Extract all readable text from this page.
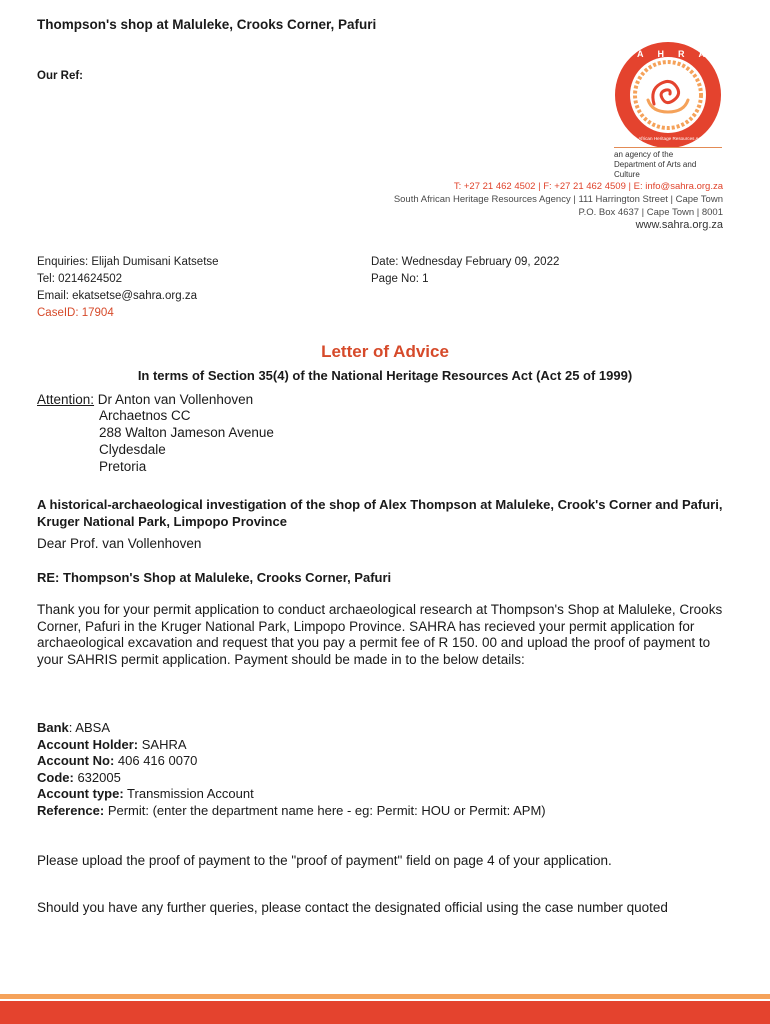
Thompson's shop at Maluleke, Crooks Corner, Pafuri
Our Ref:
SAHRA
South African Heritage Resources Agency
an agency of the
Department of Arts and Culture
T: +27 21 462 4502 | F: +27 21 462 4509 | E: info@sahra.org.za
South African Heritage Resources Agency | 111 Harrington Street | Cape Town
P.O. Box 4637 | Cape Town | 8001
www.sahra.org.za
Enquiries: Elijah Dumisani Katsetse
Tel: 0214624502
Email: ekatsetse@sahra.org.za
CaseID: 17904
Date: Wednesday February 09, 2022
Page No: 1
Letter of Advice
In terms of Section 35(4) of the National Heritage Resources Act (Act 25 of 1999)
Attention: Dr Anton van Vollenhoven
Archaetnos CC
288 Walton Jameson Avenue
Clydesdale
Pretoria
A historical-archaeological investigation of the shop of Alex Thompson at Maluleke, Crook's Corner and Pafuri, Kruger National Park, Limpopo Province
Dear Prof. van Vollenhoven
RE: Thompson's Shop at Maluleke, Crooks Corner, Pafuri
Thank you for your permit application to conduct archaeological research at Thompson's Shop at Maluleke, Crooks Corner, Pafuri in the Kruger National Park, Limpopo Province. SAHRA has recieved your permit application for archaeological excavation and request that you pay a permit fee of R 150. 00 and upload the proof of payment to your SAHRIS permit application. Payment should be made in to the below details:
Bank: ABSA
Account Holder: SAHRA
Account No: 406 416 0070
Code: 632005
Account type: Transmission Account
Reference: Permit: (enter the department name here - eg: Permit: HOU or Permit: APM)
Please upload the proof of payment to the "proof of payment" field on page 4 of your application.
Should you have any further queries, please contact the designated official using the case number quoted
